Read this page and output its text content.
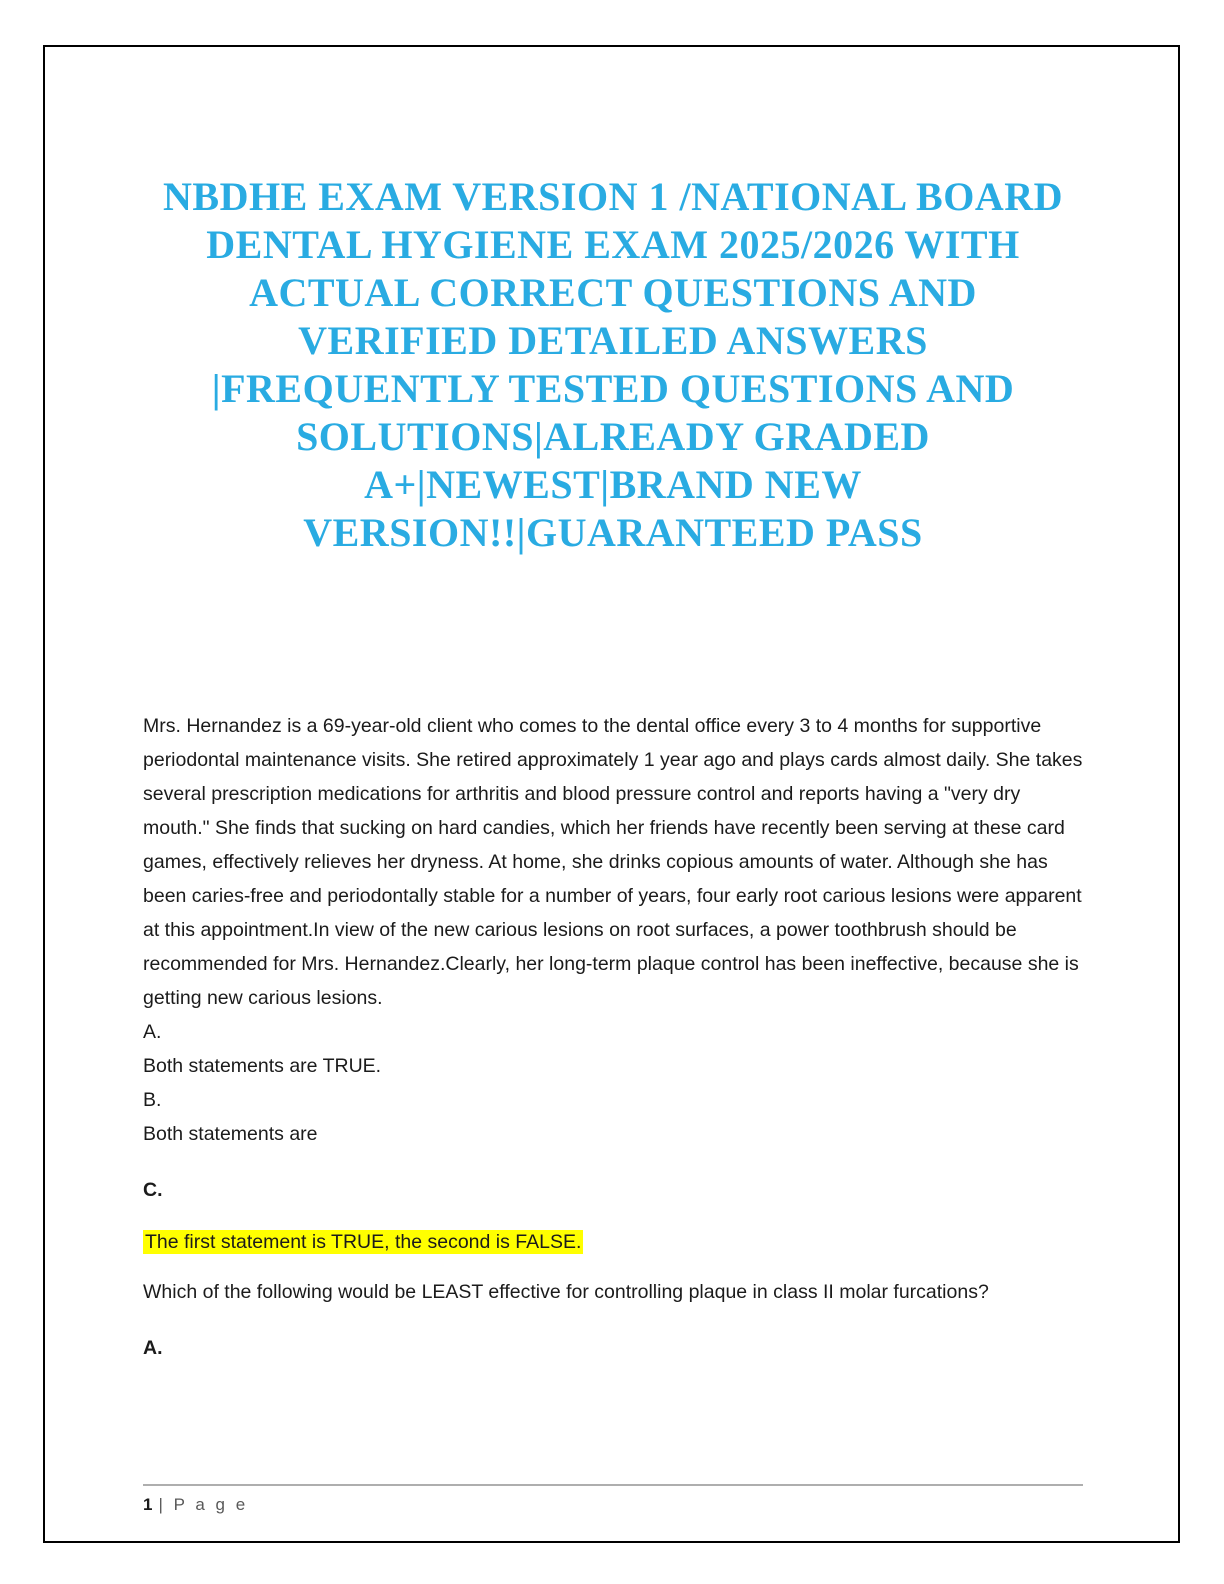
NBDHE EXAM VERSION 1 /NATIONAL BOARD
DENTAL HYGIENE EXAM 2025/2026 WITH
ACTUAL CORRECT QUESTIONS AND
VERIFIED DETAILED ANSWERS
|FREQUENTLY TESTED QUESTIONS AND
SOLUTIONS|ALREADY GRADED
A+|NEWEST|BRAND NEW
VERSION!!|GUARANTEED PASS
Mrs. Hernandez is a 69-year-old client who comes to the dental office every 3 to 4 months for supportive periodontal maintenance visits. She retired approximately 1 year ago and plays cards almost daily. She takes several prescription medications for arthritis and blood pressure control and reports having a "very dry mouth." She finds that sucking on hard candies, which her friends have recently been serving at these card games, effectively relieves her dryness. At home, she drinks copious amounts of water. Although she has been caries-free and periodontally stable for a number of years, four early root carious lesions were apparent at this appointment.In view of the new carious lesions on root surfaces, a power toothbrush should be recommended for Mrs. Hernandez.Clearly, her long-term plaque control has been ineffective, because she is getting new carious lesions.
A.
Both statements are TRUE.
B.
Both statements are
C.
The first statement is TRUE, the second is FALSE.
Which of the following would be LEAST effective for controlling plaque in class II molar furcations?
A.
1 | P a g e
